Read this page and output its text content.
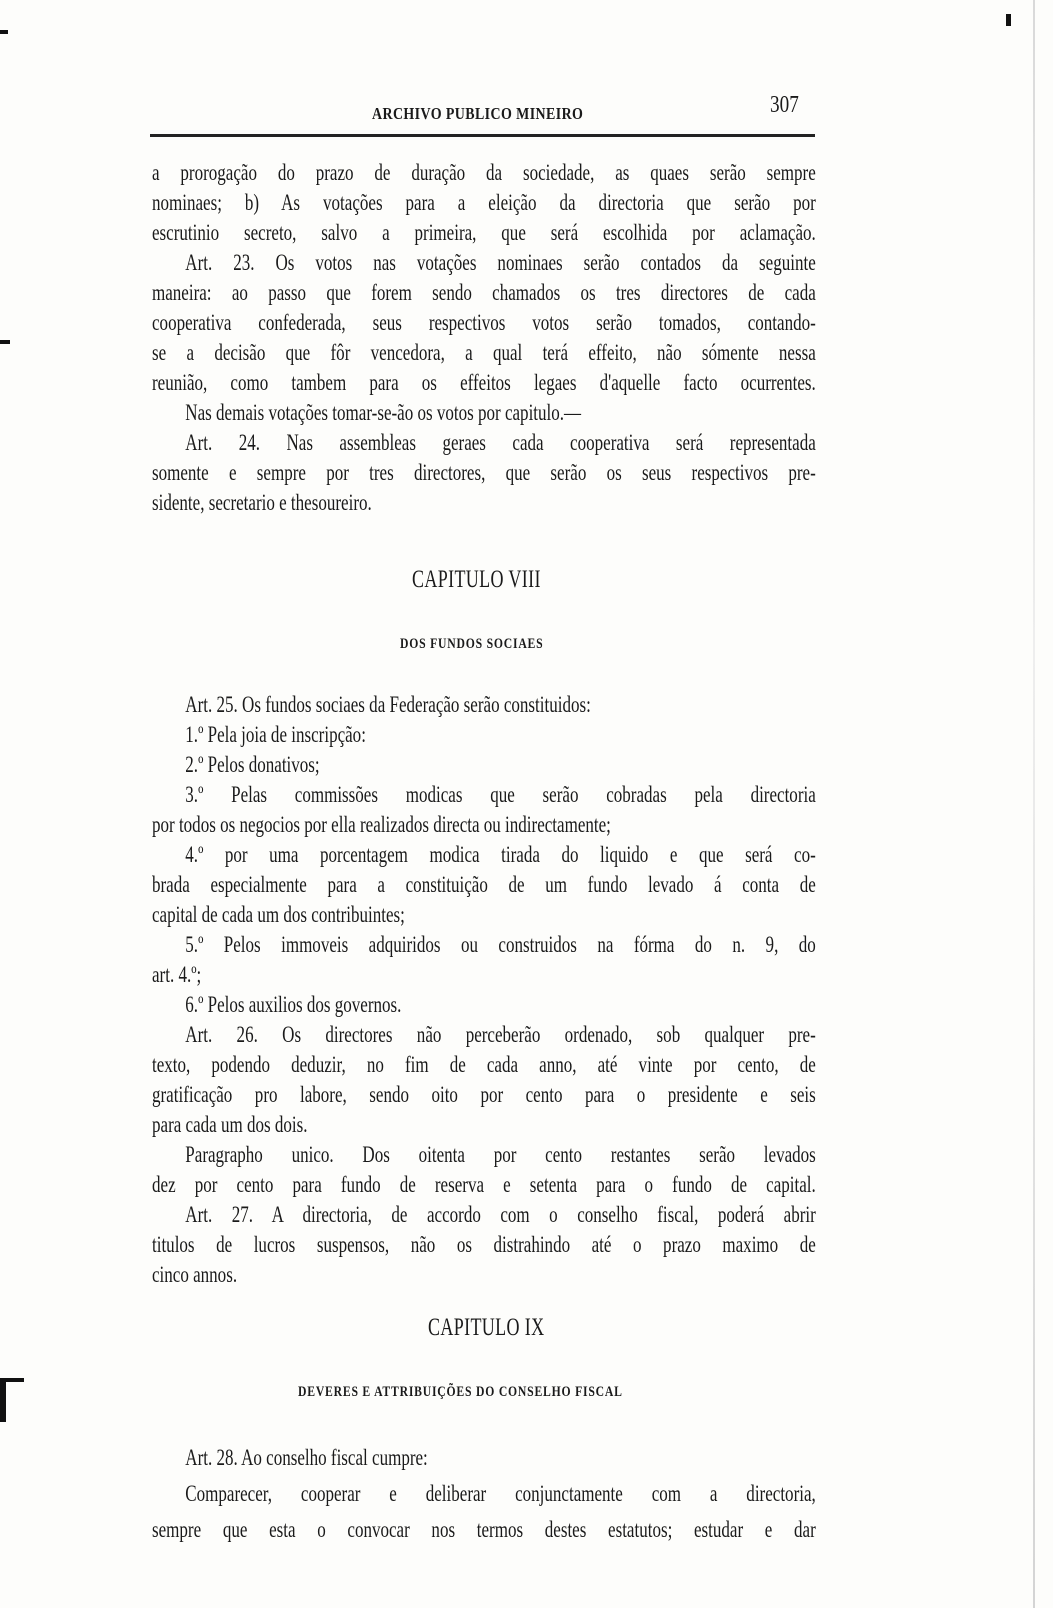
ARCHIVO PUBLICO MINEIRO	307
a prorogação do prazo de duração da sociedade, as quaes serão sempre
nominaes; b) As votações para a eleição da directoria que serão por
escrutinio secreto, salvo a primeira, que será escolhida por aclamação.
Art. 23. Os votos nas votações nominaes serão contados da seguinte
maneira: ao passo que forem sendo chamados os tres directores de cada
cooperativa confederada, seus respectivos votos serão tomados, contando-
se a decisão que fôr vencedora, a qual terá effeito, não sómente nessa
reunião, como tambem para os effeitos legaes d'aquelle facto ocurrentes.
Nas demais votações tomar-se-ão os votos por capitulo.—
Art. 24. Nas assembleas geraes cada cooperativa será representada
somente e sempre por tres directores, que serão os seus respectivos pre-
sidente, secretario e thesoureiro.
CAPITULO VIII
DOS FUNDOS SOCIAES
Art. 25. Os fundos sociaes da Federação serão constituidos:
1.º Pela joia de inscripção:
2.º Pelos donativos;
3.º Pelas commissões modicas que serão cobradas pela directoria
por todos os negocios por ella realizados directa ou indirectamente;
4.º por uma porcentagem modica tirada do liquido e que será co-
brada especialmente para a constituição de um fundo levado á conta de
capital de cada um dos contribuintes;
5.º Pelos immoveis adquiridos ou construidos na fórma do n. 9, do
art. 4.º;
6.º Pelos auxilios dos governos.
Art. 26. Os directores não perceberão ordenado, sob qualquer pre-
texto, podendo deduzir, no fim de cada anno, até vinte por cento, de
gratificação pro labore, sendo oito por cento para o presidente e seis
para cada um dos dois.
Paragrapho unico. Dos oitenta por cento restantes serão levados
dez por cento para fundo de reserva e setenta para o fundo de capital.
Art. 27. A directoria, de accordo com o conselho fiscal, poderá abrir
titulos de lucros suspensos, não os distrahindo até o prazo maximo de
cinco annos.
CAPITULO IX
DEVERES E ATTRIBUIÇÕES DO CONSELHO FISCAL
Art. 28. Ao conselho fiscal cumpre:
Comparecer, cooperar e deliberar conjunctamente com a directoria,
sempre que esta o convocar nos termos destes estatutos; estudar e dar
